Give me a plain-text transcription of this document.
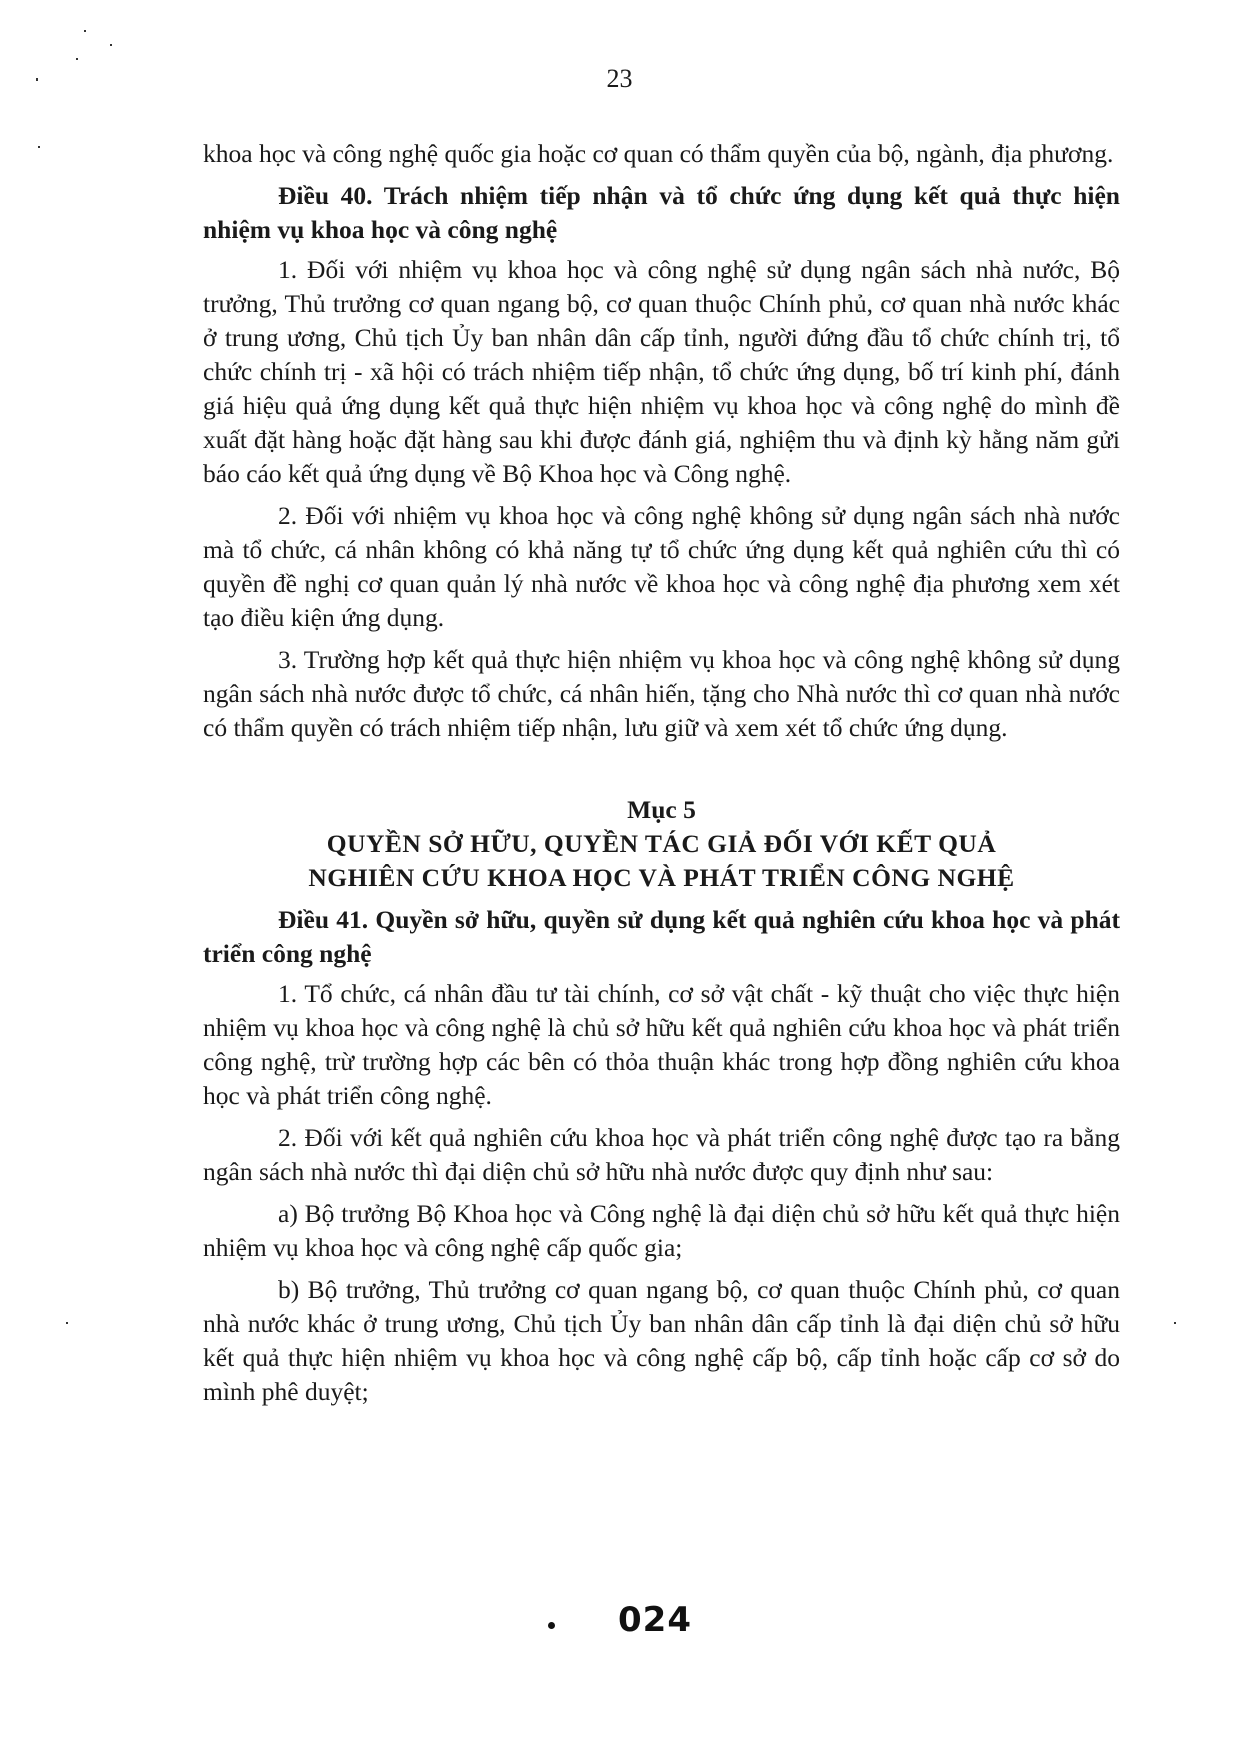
23

khoa học và công nghệ quốc gia hoặc cơ quan có thẩm quyền của bộ, ngành, địa phương.

Điều 40. Trách nhiệm tiếp nhận và tổ chức ứng dụng kết quả thực hiện nhiệm vụ khoa học và công nghệ

1. Đối với nhiệm vụ khoa học và công nghệ sử dụng ngân sách nhà nước, Bộ trưởng, Thủ trưởng cơ quan ngang bộ, cơ quan thuộc Chính phủ, cơ quan nhà nước khác ở trung ương, Chủ tịch Ủy ban nhân dân cấp tỉnh, người đứng đầu tổ chức chính trị, tổ chức chính trị - xã hội có trách nhiệm tiếp nhận, tổ chức ứng dụng, bố trí kinh phí, đánh giá hiệu quả ứng dụng kết quả thực hiện nhiệm vụ khoa học và công nghệ do mình đề xuất đặt hàng hoặc đặt hàng sau khi được đánh giá, nghiệm thu và định kỳ hằng năm gửi báo cáo kết quả ứng dụng về Bộ Khoa học và Công nghệ.

2. Đối với nhiệm vụ khoa học và công nghệ không sử dụng ngân sách nhà nước mà tổ chức, cá nhân không có khả năng tự tổ chức ứng dụng kết quả nghiên cứu thì có quyền đề nghị cơ quan quản lý nhà nước về khoa học và công nghệ địa phương xem xét tạo điều kiện ứng dụng.

3. Trường hợp kết quả thực hiện nhiệm vụ khoa học và công nghệ không sử dụng ngân sách nhà nước được tổ chức, cá nhân hiến, tặng cho Nhà nước thì cơ quan nhà nước có thẩm quyền có trách nhiệm tiếp nhận, lưu giữ và xem xét tổ chức ứng dụng.

Mục 5
QUYỀN SỞ HỮU, QUYỀN TÁC GIẢ ĐỐI VỚI KẾT QUẢ
NGHIÊN CỨU KHOA HỌC VÀ PHÁT TRIỂN CÔNG NGHỆ

Điều 41. Quyền sở hữu, quyền sử dụng kết quả nghiên cứu khoa học và phát triển công nghệ

1. Tổ chức, cá nhân đầu tư tài chính, cơ sở vật chất - kỹ thuật cho việc thực hiện nhiệm vụ khoa học và công nghệ là chủ sở hữu kết quả nghiên cứu khoa học và phát triển công nghệ, trừ trường hợp các bên có thỏa thuận khác trong hợp đồng nghiên cứu khoa học và phát triển công nghệ.

2. Đối với kết quả nghiên cứu khoa học và phát triển công nghệ được tạo ra bằng ngân sách nhà nước thì đại diện chủ sở hữu nhà nước được quy định như sau:

a) Bộ trưởng Bộ Khoa học và Công nghệ là đại diện chủ sở hữu kết quả thực hiện nhiệm vụ khoa học và công nghệ cấp quốc gia;

b) Bộ trưởng, Thủ trưởng cơ quan ngang bộ, cơ quan thuộc Chính phủ, cơ quan nhà nước khác ở trung ương, Chủ tịch Ủy ban nhân dân cấp tỉnh là đại diện chủ sở hữu kết quả thực hiện nhiệm vụ khoa học và công nghệ cấp bộ, cấp tỉnh hoặc cấp cơ sở do mình phê duyệt;

024
